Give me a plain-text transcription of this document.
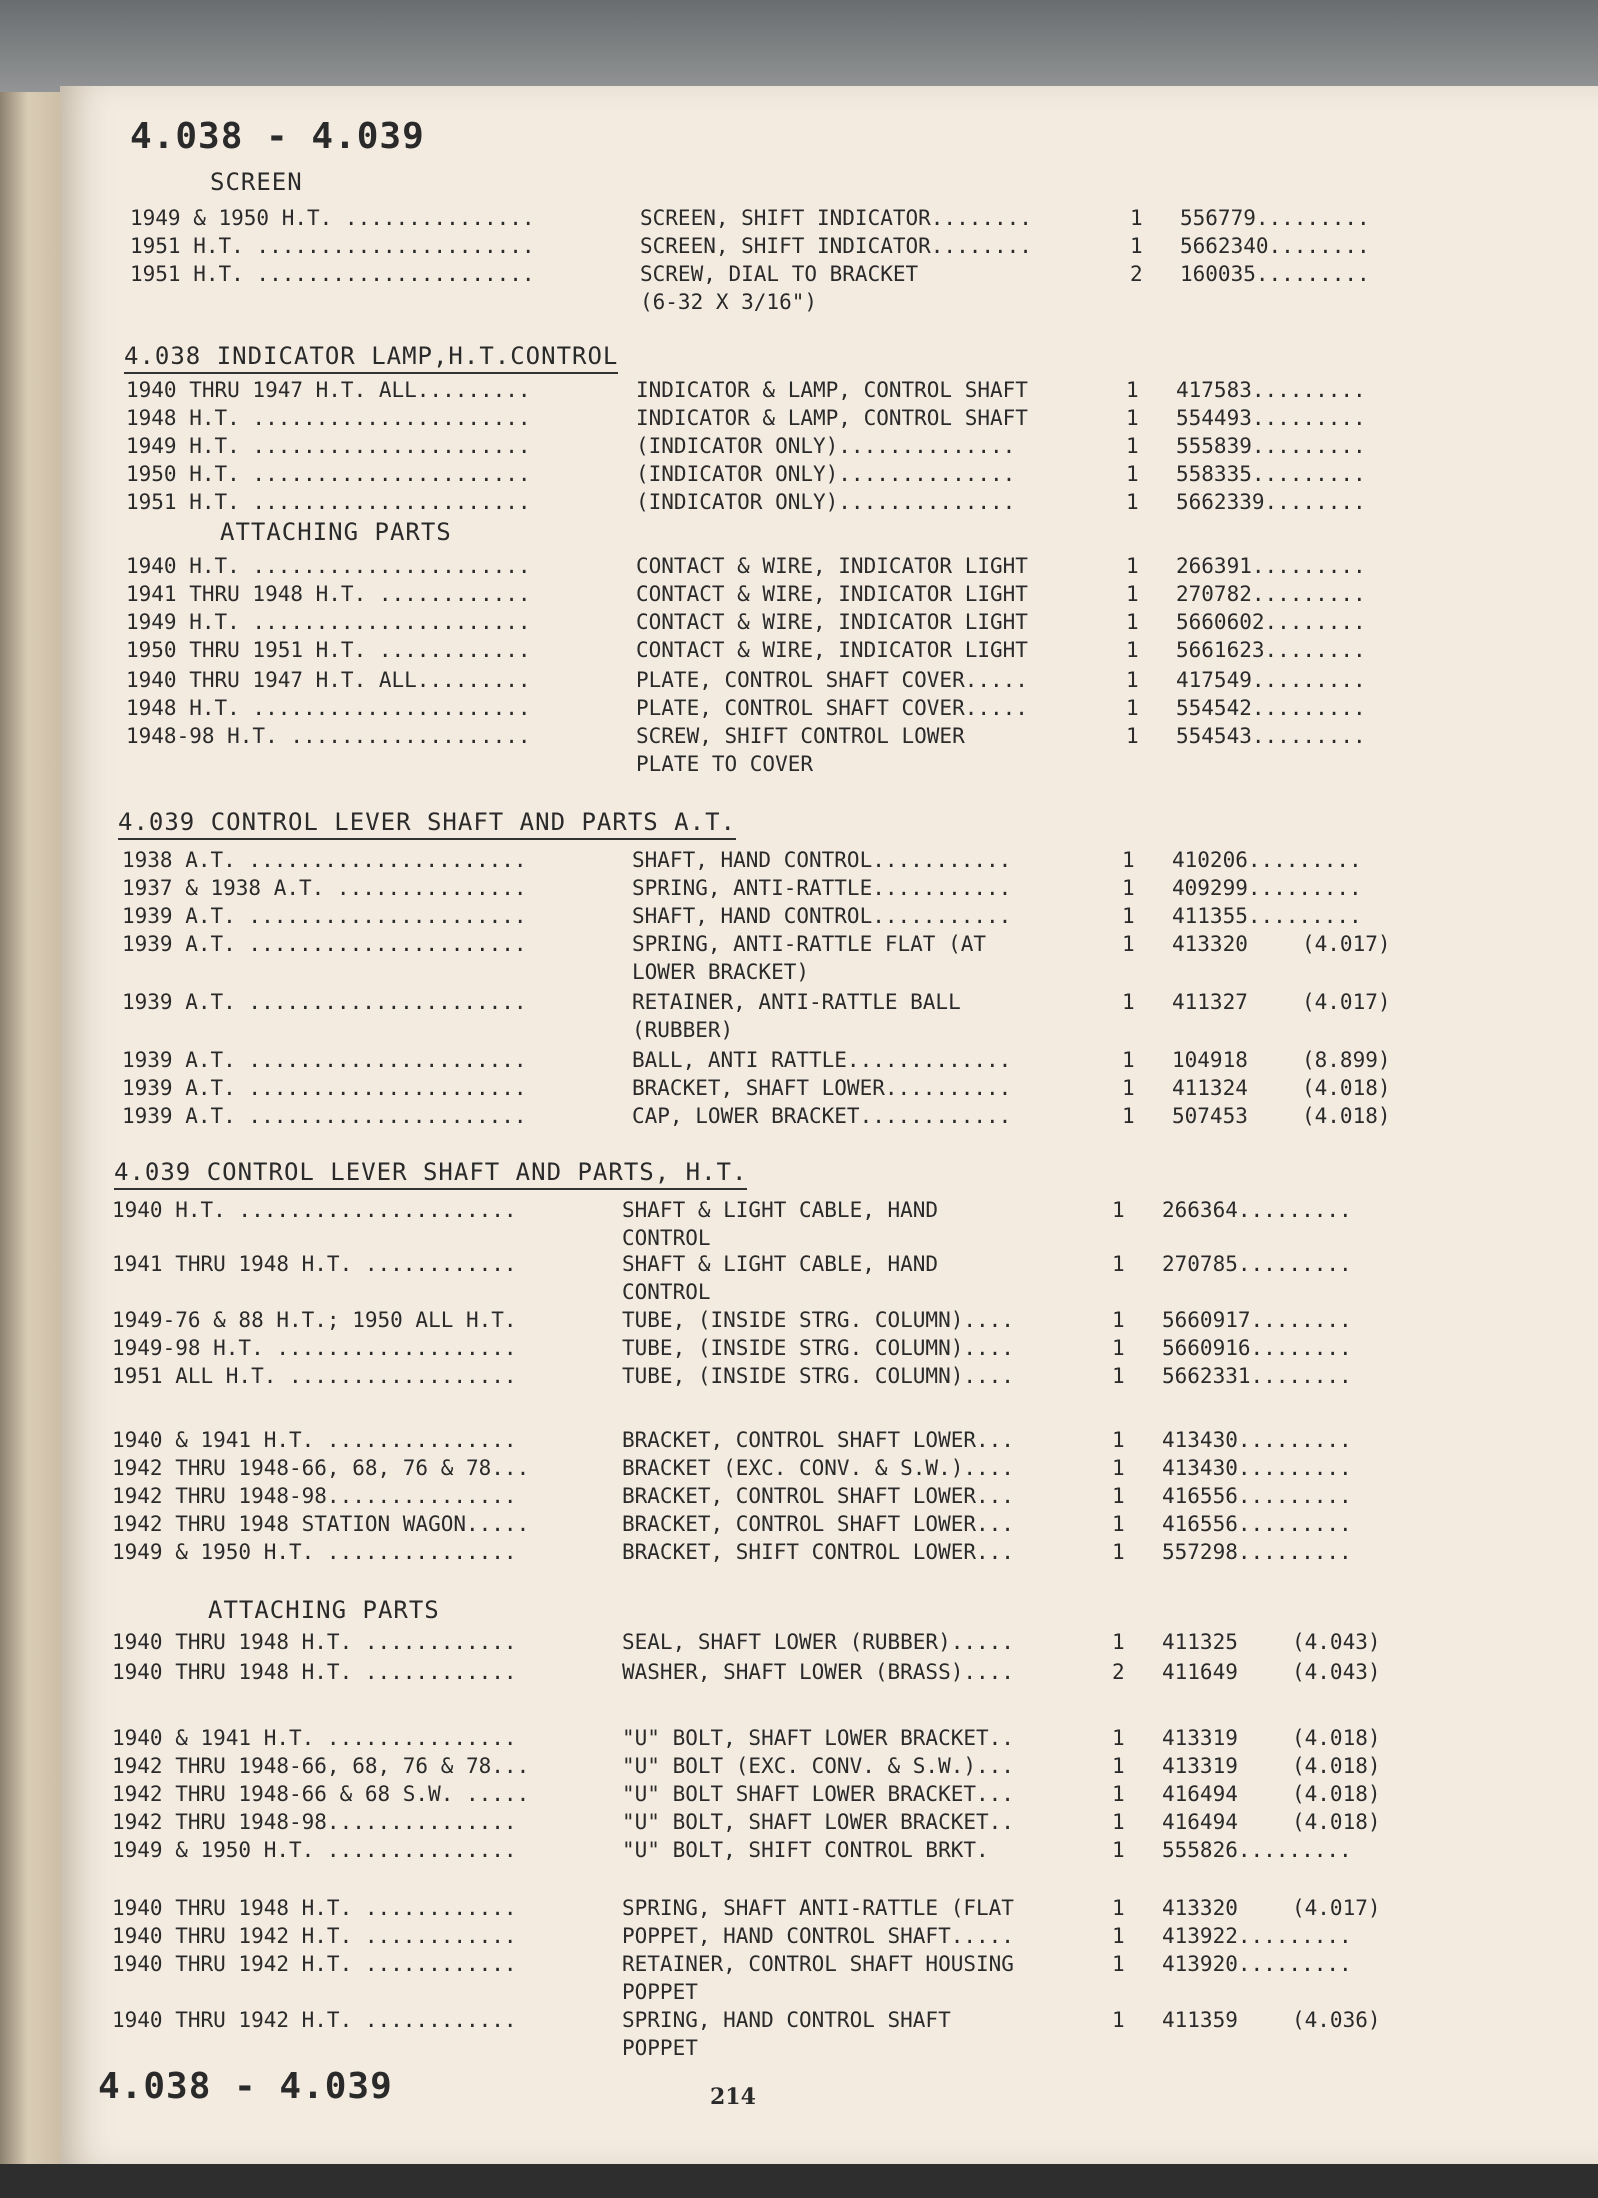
4.038 - 4.039
SCREEN
1949 & 1950 H.T. ...............	SCREEN, SHIFT INDICATOR........	1 556779.........
1951 H.T. ......................	SCREEN, SHIFT INDICATOR........	1 5662340........
1951 H.T. ......................	SCREW, DIAL TO BRACKET	2 160035.........
(6-32 X 3/16")
4.038 INDICATOR LAMP,H.T.CONTROL
1940 THRU 1947 H.T. ALL.........	INDICATOR & LAMP, CONTROL SHAFT	1 417583.........
1948 H.T. ......................	INDICATOR & LAMP, CONTROL SHAFT	1 554493.........
1949 H.T. ......................	(INDICATOR ONLY)..............	1 555839.........
1950 H.T. ......................	(INDICATOR ONLY)..............	1 558335.........
1951 H.T. ......................	(INDICATOR ONLY)..............	1 5662339........
ATTACHING PARTS
1940 H.T. ......................	CONTACT & WIRE, INDICATOR LIGHT	1 266391.........
1941 THRU 1948 H.T. ............	CONTACT & WIRE, INDICATOR LIGHT	1 270782.........
1949 H.T. ......................	CONTACT & WIRE, INDICATOR LIGHT	1 5660602........
1950 THRU 1951 H.T. ............	CONTACT & WIRE, INDICATOR LIGHT	1 5661623........
1940 THRU 1947 H.T. ALL.........	PLATE, CONTROL SHAFT COVER.....	1 417549.........
1948 H.T. ......................	PLATE, CONTROL SHAFT COVER.....	1 554542.........
1948-98 H.T. ...................	SCREW, SHIFT CONTROL LOWER	1 554543.........
PLATE TO COVER
4.039 CONTROL LEVER SHAFT AND PARTS A.T.
1938 A.T. ......................	SHAFT, HAND CONTROL...........	1 410206.........
1937 & 1938 A.T. ...............	SPRING, ANTI-RATTLE...........	1 409299.........
1939 A.T. ......................	SHAFT, HAND CONTROL...........	1 411355.........
1939 A.T. ......................	SPRING, ANTI-RATTLE FLAT (AT	1 413320	(4.017)
LOWER BRACKET)
1939 A.T. ......................	RETAINER, ANTI-RATTLE BALL	1 411327	(4.017)
(RUBBER)
1939 A.T. ......................	BALL, ANTI RATTLE.............	1 104918	(8.899)
1939 A.T. ......................	BRACKET, SHAFT LOWER..........	1 411324	(4.018)
1939 A.T. ......................	CAP, LOWER BRACKET............	1 507453	(4.018)
4.039 CONTROL LEVER SHAFT AND PARTS, H.T.
1940 H.T. ......................	SHAFT & LIGHT CABLE, HAND	1 266364.........
CONTROL
1941 THRU 1948 H.T. ............	SHAFT & LIGHT CABLE, HAND	1 270785.........
CONTROL
1949-76 & 88 H.T.; 1950 ALL H.T.	TUBE, (INSIDE STRG. COLUMN)....	1 5660917........
1949-98 H.T. ...................	TUBE, (INSIDE STRG. COLUMN)....	1 5660916........
1951 ALL H.T. ..................	TUBE, (INSIDE STRG. COLUMN)....	1 5662331........
1940 & 1941 H.T. ...............	BRACKET, CONTROL SHAFT LOWER...	1 413430.........
1942 THRU 1948-66, 68, 76 & 78...	BRACKET (EXC. CONV. & S.W.)....	1 413430.........
1942 THRU 1948-98...............	BRACKET, CONTROL SHAFT LOWER...	1 416556.........
1942 THRU 1948 STATION WAGON.....	BRACKET, CONTROL SHAFT LOWER...	1 416556.........
1949 & 1950 H.T. ...............	BRACKET, SHIFT CONTROL LOWER...	1 557298.........
ATTACHING PARTS
1940 THRU 1948 H.T. ............	SEAL, SHAFT LOWER (RUBBER).....	1 411325	(4.043)
1940 THRU 1948 H.T. ............	WASHER, SHAFT LOWER (BRASS)....	2 411649	(4.043)
1940 & 1941 H.T. ...............	"U" BOLT, SHAFT LOWER BRACKET..	1 413319	(4.018)
1942 THRU 1948-66, 68, 76 & 78...	"U" BOLT (EXC. CONV. & S.W.)...	1 413319	(4.018)
1942 THRU 1948-66 & 68 S.W. .....	"U" BOLT SHAFT LOWER BRACKET...	1 416494	(4.018)
1942 THRU 1948-98...............	"U" BOLT, SHAFT LOWER BRACKET..	1 416494	(4.018)
1949 & 1950 H.T. ...............	"U" BOLT, SHIFT CONTROL BRKT.	1 555826.........
1940 THRU 1948 H.T. ............	SPRING, SHAFT ANTI-RATTLE (FLAT	1 413320	(4.017)
1940 THRU 1942 H.T. ............	POPPET, HAND CONTROL SHAFT.....	1 413922.........
1940 THRU 1942 H.T. ............	RETAINER, CONTROL SHAFT HOUSING	1 413920.........
POPPET
1940 THRU 1942 H.T. ............	SPRING, HAND CONTROL SHAFT	1 411359	(4.036)
POPPET
4.038 - 4.039	214
